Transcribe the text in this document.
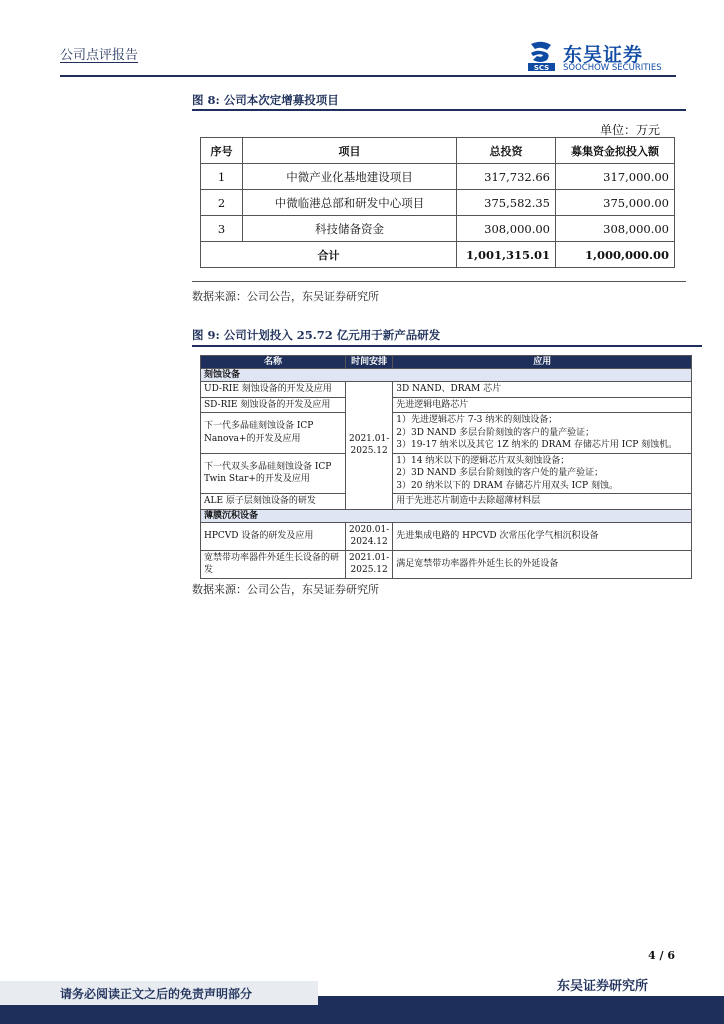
公司点评报告
SCS
东吴证券
SOOCHOW SECURITIES
图 8: 公司本次定增募投项目
单位：万元
序号	项目	总投资	募集资金拟投入额
1	中微产业化基地建设项目	317,732.66	317,000.00
2	中微临港总部和研发中心项目	375,582.35	375,000.00
3	科技储备资金	308,000.00	308,000.00
合计		1,001,315.01	1,000,000.00
数据来源：公司公告，东吴证券研究所
图 9: 公司计划投入 25.72 亿元用于新产品研发
名称	时间安排	应用
刻蚀设备		
UD-RIE 刻蚀设备的开发及应用	2021.01-2025.12	3D NAND、DRAM 芯片
SD-RIE 刻蚀设备的开发及应用		先进逻辑电路芯片
下一代多晶硅刻蚀设备 ICP Nanova+的开发及应用		1）先进逻辑芯片 7-3 纳米的刻蚀设备；
2）3D NAND 多层台阶刻蚀的客户的量产验证；
3）19-17 纳米以及其它 1Z 纳米的 DRAM 存储芯片用 ICP 刻蚀机。
下一代双头多晶硅刻蚀设备 ICP Twin Star+的开发及应用		1）14 纳米以下的逻辑芯片双头刻蚀设备；
2）3D NAND 多层台阶刻蚀的客户处的量产验证；
3）20 纳米以下的 DRAM 存储芯片用双头 ICP 刻蚀。
ALE 原子层刻蚀设备的研发		用于先进芯片制造中去除超薄材料层
薄膜沉积设备		
HPCVD 设备的研发及应用	2020.01-2024.12	先进集成电路的 HPCVD 次常压化学气相沉积设备
宽禁带功率器件外延生长设备的研发	2021.01-2025.12	满足宽禁带功率器件外延生长的外延设备
数据来源：公司公告，东吴证券研究所
4 / 6
东吴证券研究所
请务必阅读正文之后的免责声明部分
